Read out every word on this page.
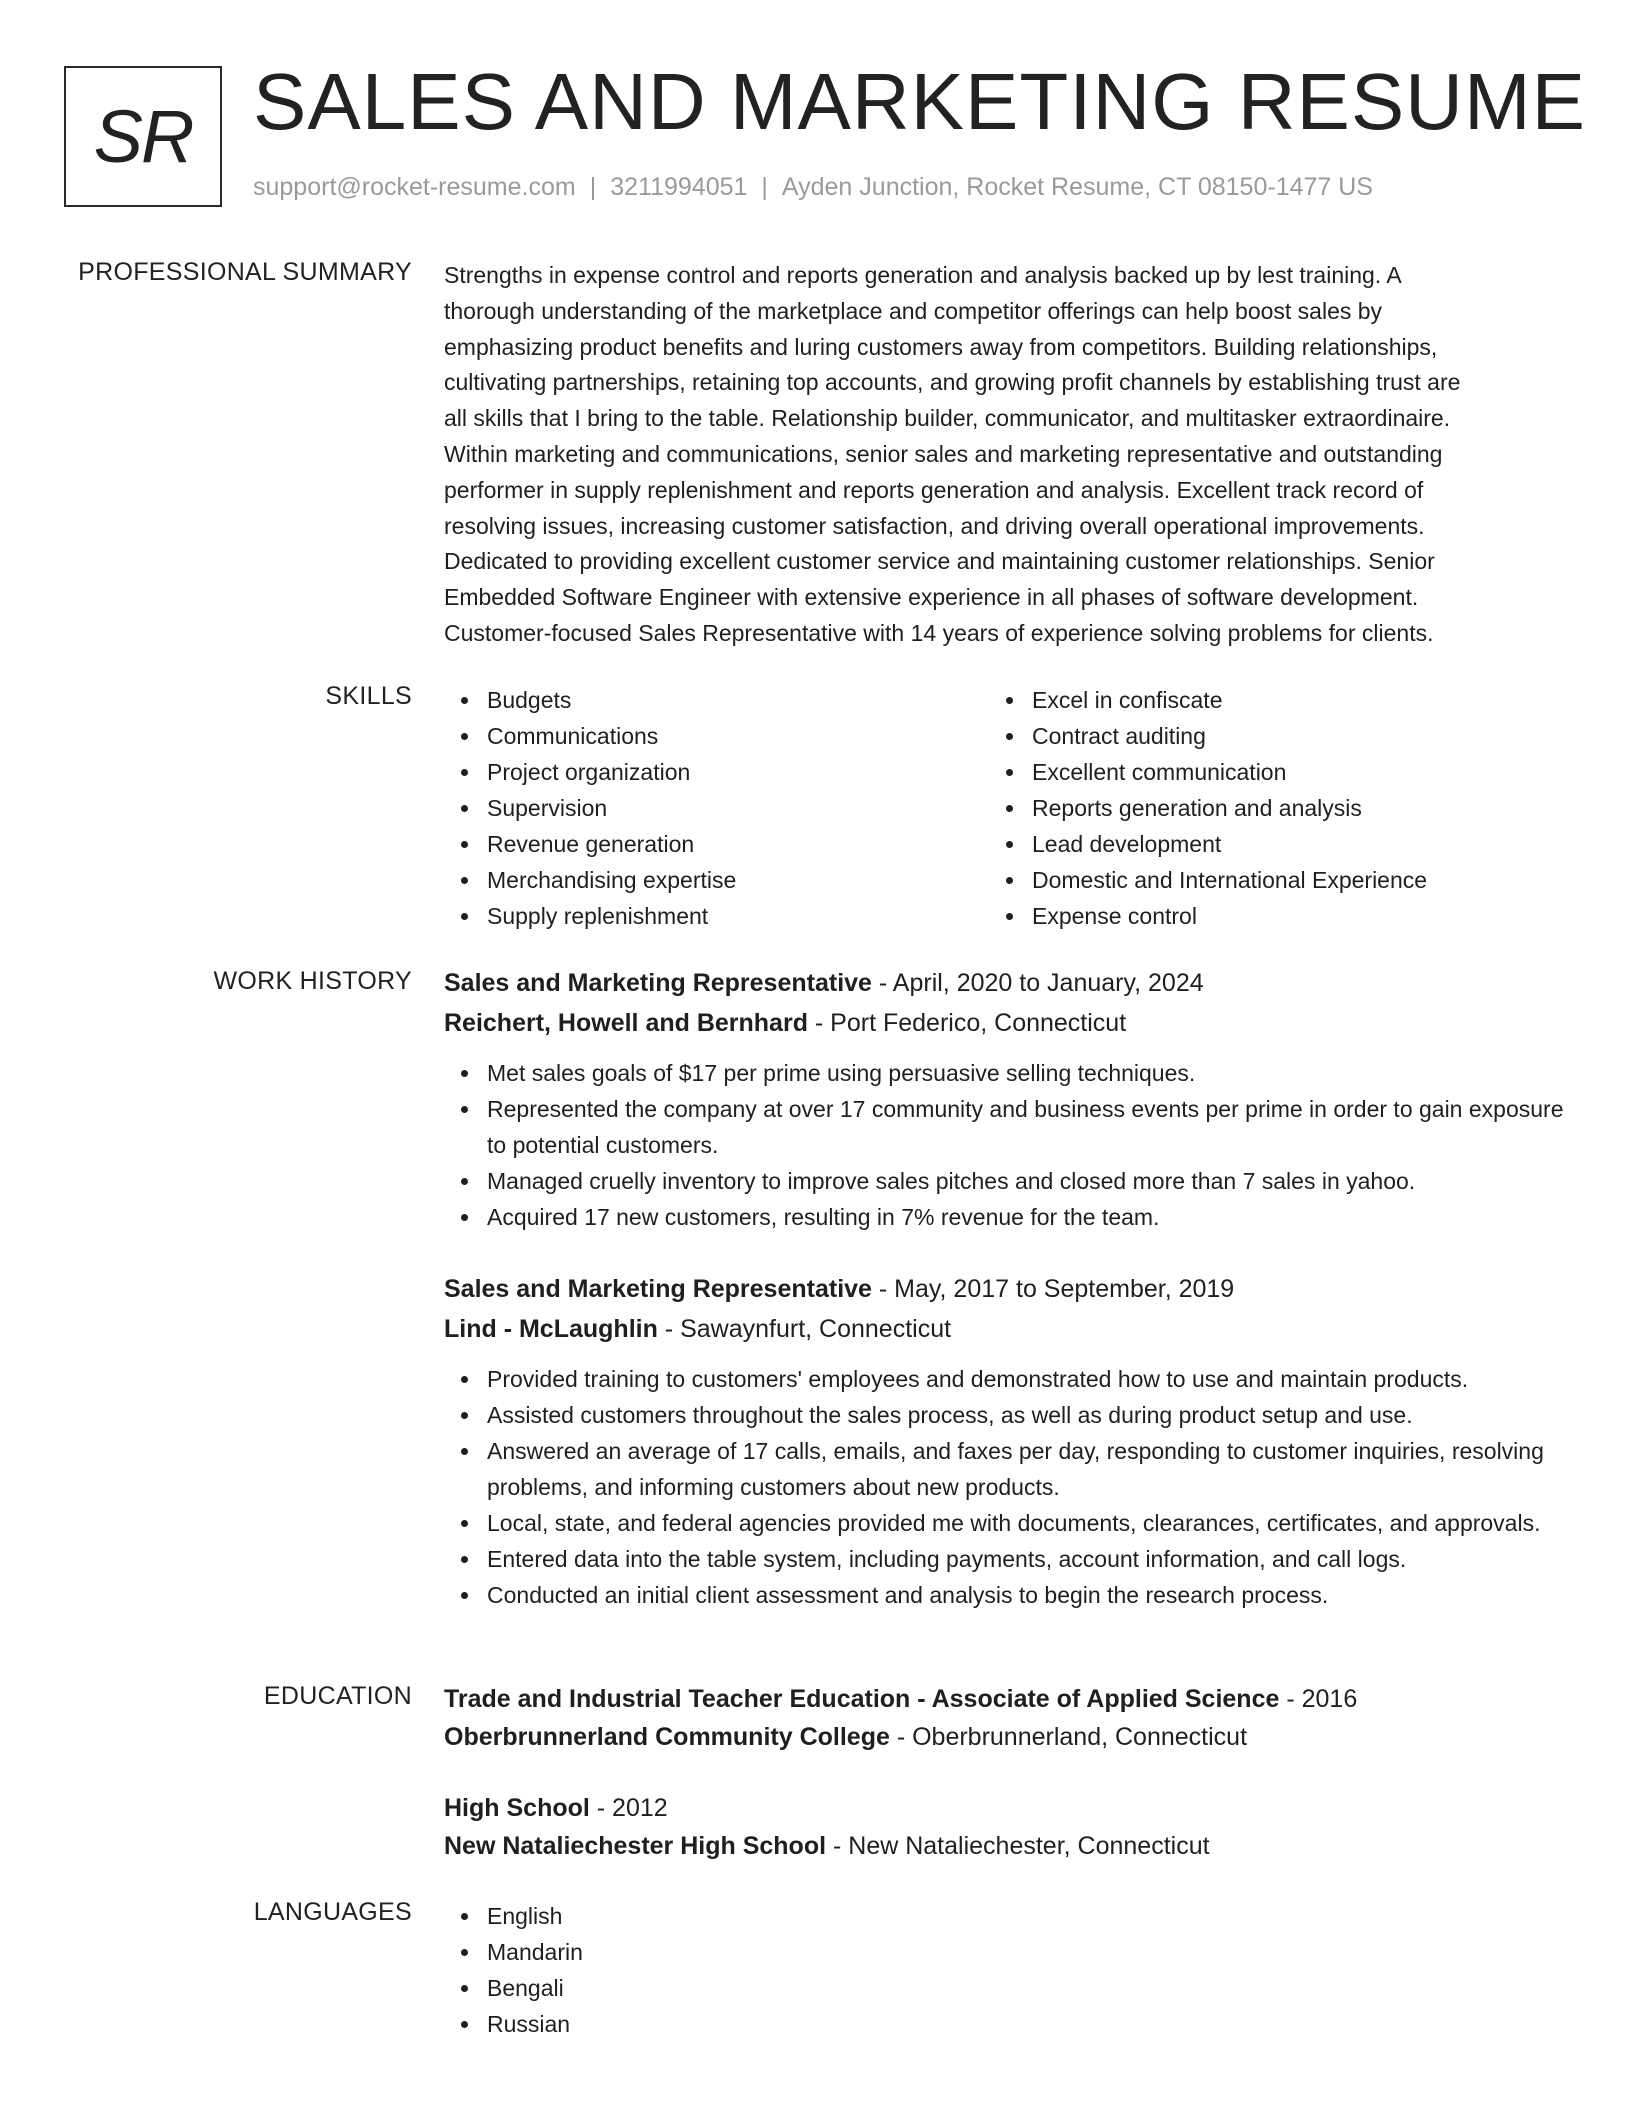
SR SALES AND MARKETING RESUME
support@rocket-resume.com | 3211994051 | Ayden Junction, Rocket Resume, CT 08150-1477 US
PROFESSIONAL SUMMARY Strengths in expense control and reports generation and analysis backed up by lest training. A
thorough understanding of the marketplace and competitor offerings can help boost sales by
emphasizing product benefits and luring customers away from competitors. Building relationships,
cultivating partnerships, retaining top accounts, and growing profit channels by establishing trust are
all skills that I bring to the table. Relationship builder, communicator, and multitasker extraordinaire.
Within marketing and communications, senior sales and marketing representative and outstanding
performer in supply replenishment and reports generation and analysis. Excellent track record of
resolving issues, increasing customer satisfaction, and driving overall operational improvements.
Dedicated to providing excellent customer service and maintaining customer relationships. Senior
Embedded Software Engineer with extensive experience in all phases of software development.
Customer-focused Sales Representative with 14 years of experience solving problems for clients.
SKILLS	Budgets
Communications
Project organization
Supervision
Revenue generation
Merchandising expertise
Supply replenishment
Excel in confiscate
Contract auditing
Excellent communication
Reports generation and analysis
Lead development
Domestic and International Experience
Expense control
WORK HISTORY Sales and Marketing Representative - April, 2020 to January, 2024
Reichert, Howell and Bernhard - Port Federico, Connecticut
Met sales goals of $17 per prime using persuasive selling techniques.
Represented the company at over 17 community and business events per prime in order to gain exposure to potential customers.
Managed cruelly inventory to improve sales pitches and closed more than 7 sales in yahoo.
Acquired 17 new customers, resulting in 7% revenue for the team.
Sales and Marketing Representative - May, 2017 to September, 2019
Lind - McLaughlin - Sawaynfurt, Connecticut
Provided training to customers' employees and demonstrated how to use and maintain products.
Assisted customers throughout the sales process, as well as during product setup and use.
Answered an average of 17 calls, emails, and faxes per day, responding to customer inquiries, resolving problems, and informing customers about new products.
Local, state, and federal agencies provided me with documents, clearances, certificates, and approvals.
Entered data into the table system, including payments, account information, and call logs.
Conducted an initial client assessment and analysis to begin the research process.
EDUCATION Trade and Industrial Teacher Education - Associate of Applied Science - 2016
Oberbrunnerland Community College - Oberbrunnerland, Connecticut
High School - 2012
New Nataliechester High School - New Nataliechester, Connecticut
LANGUAGES	English
Mandarin
Bengali
Russian
